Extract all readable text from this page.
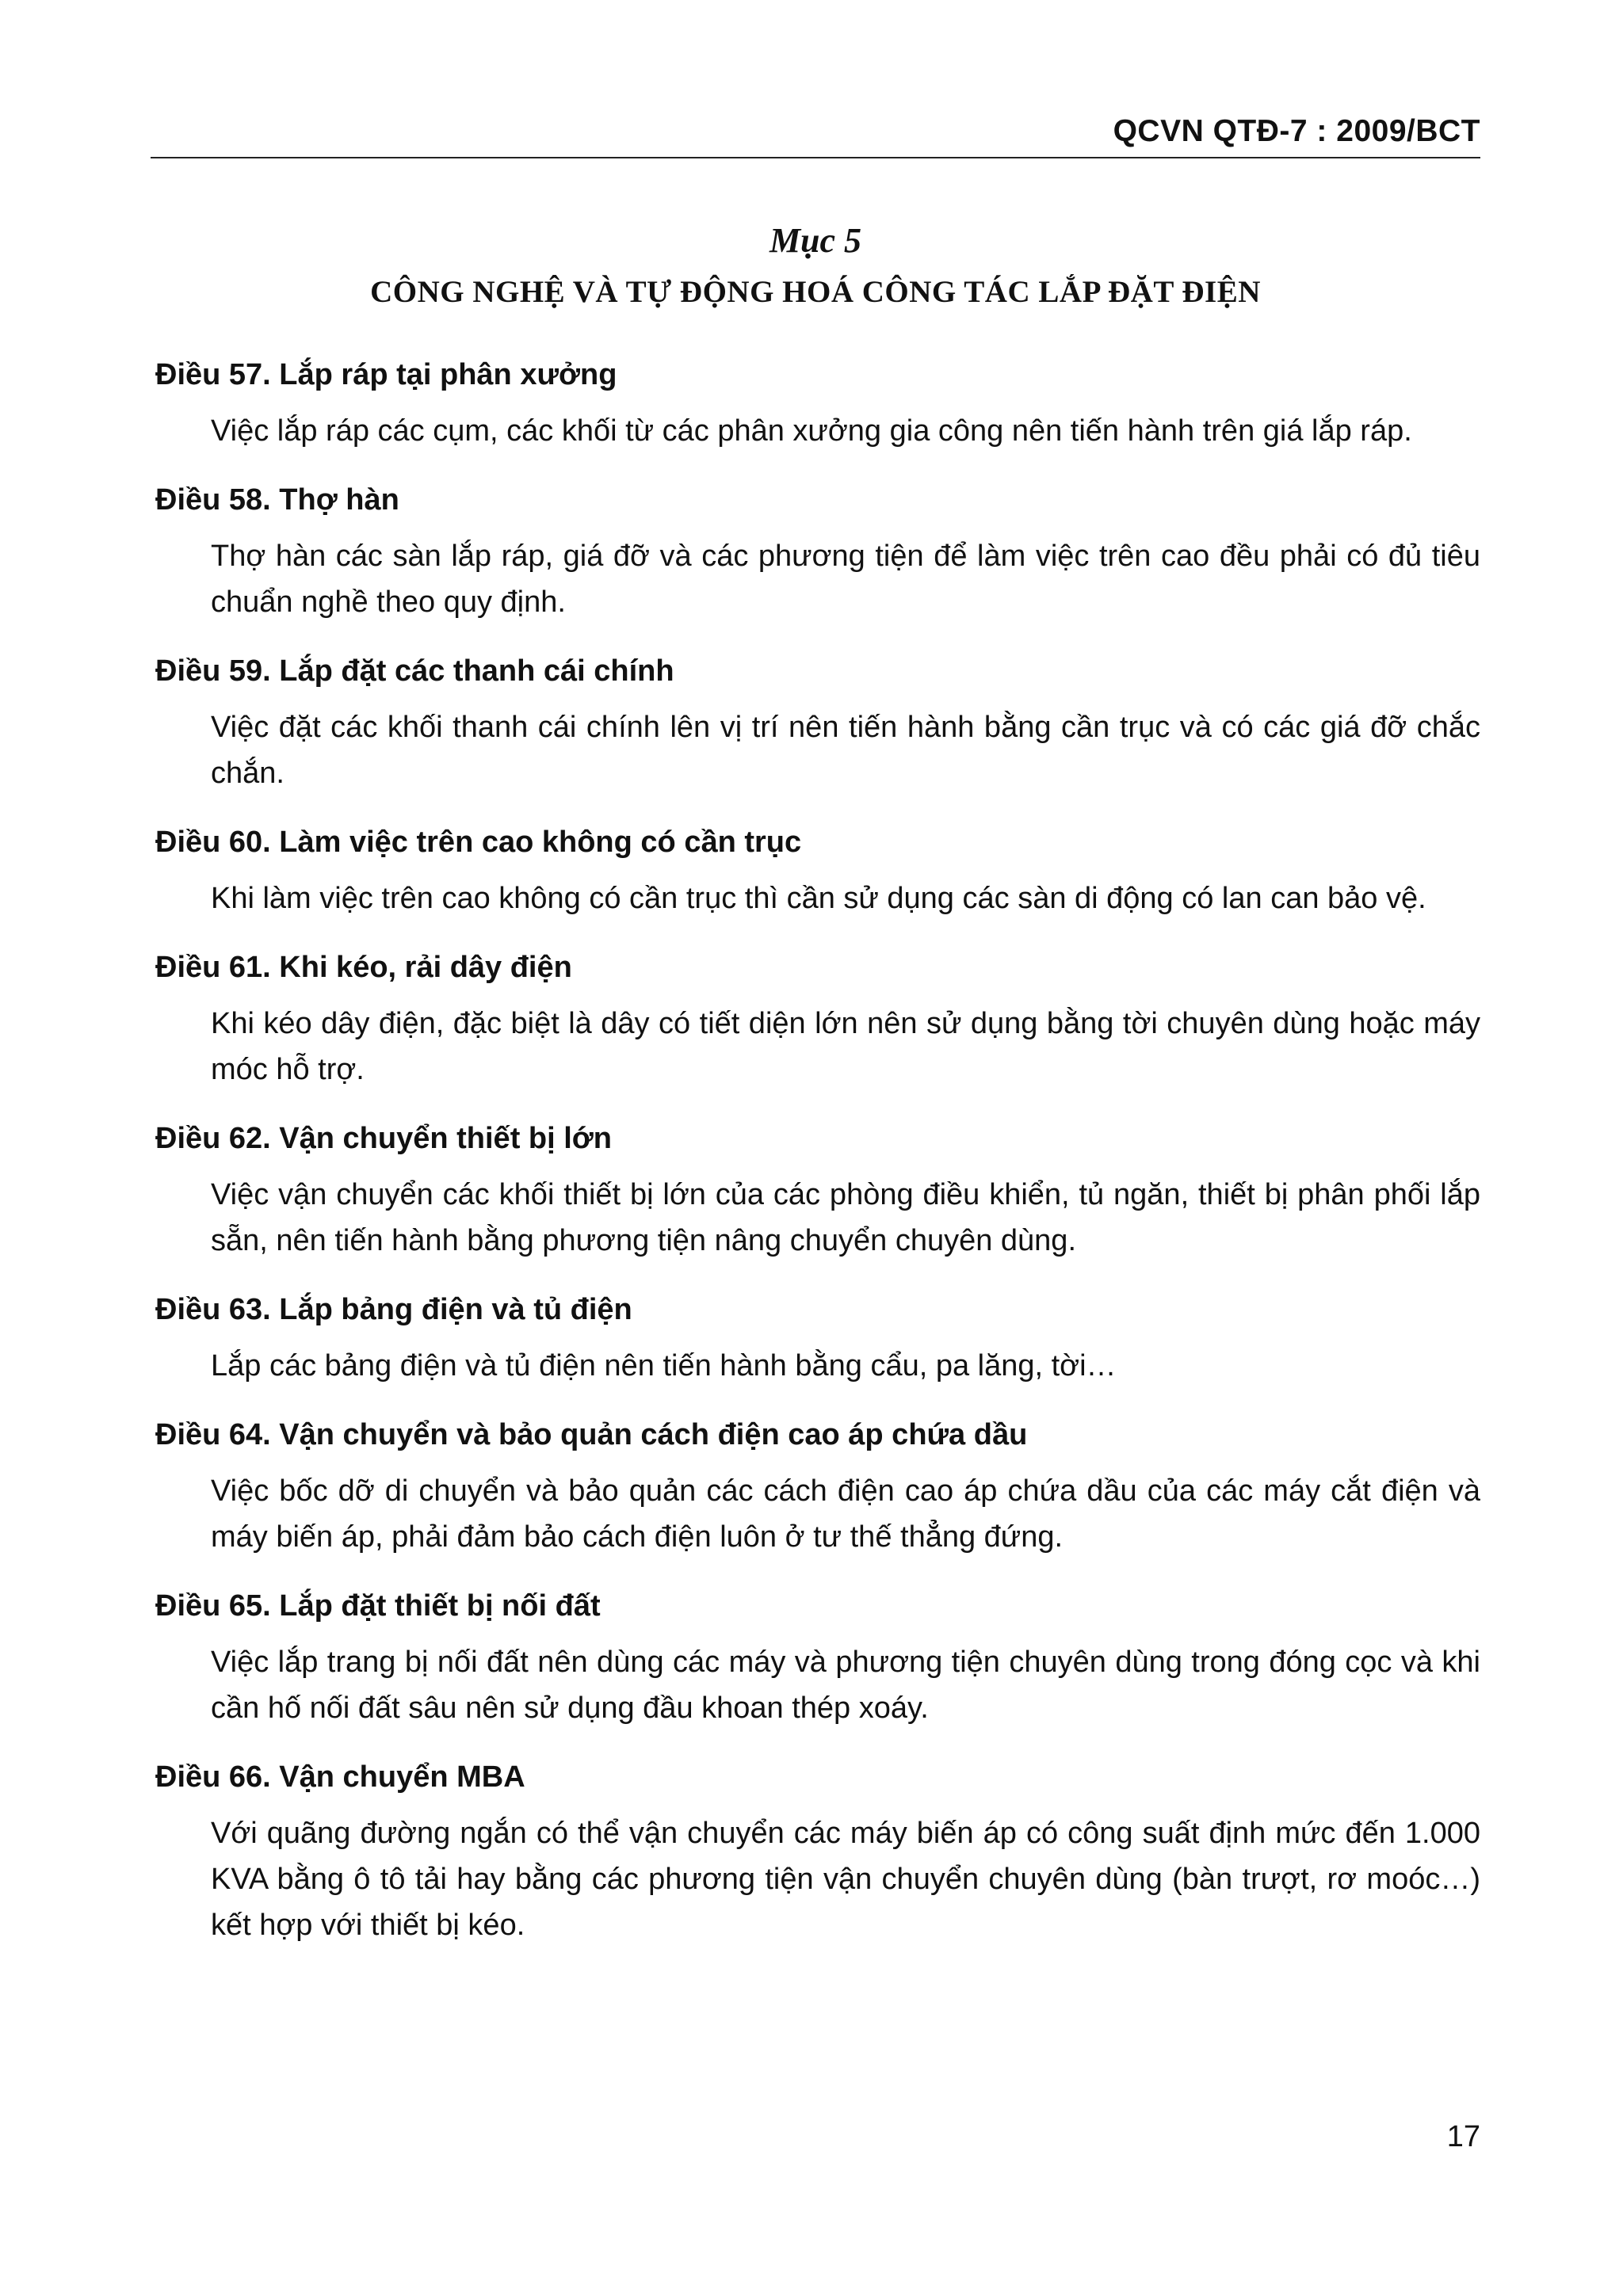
QCVN QTĐ-7 : 2009/BCT
Mục 5
CÔNG NGHỆ VÀ TỰ ĐỘNG HOÁ CÔNG TÁC LẮP ĐẶT ĐIỆN
Điều 57. Lắp ráp tại phân xưởng

Việc lắp ráp các cụm, các khối từ các phân xưởng gia công nên tiến hành trên giá lắp ráp.

Điều 58. Thợ hàn

Thợ hàn các sàn lắp ráp, giá đỡ và các phương tiện để làm việc trên cao đều phải có đủ tiêu chuẩn nghề theo quy định.

Điều 59. Lắp đặt các thanh cái chính

Việc đặt các khối thanh cái chính lên vị trí nên tiến hành bằng cần trục và có các giá đỡ chắc chắn.

Điều 60. Làm việc trên cao không có cần trục

Khi làm việc trên cao không có cần trục thì cần sử dụng các sàn di động có lan can bảo vệ.

Điều 61. Khi kéo, rải dây điện

Khi kéo dây điện, đặc biệt là dây có tiết diện lớn nên sử dụng bằng tời chuyên dùng hoặc máy móc hỗ trợ.

Điều 62. Vận chuyển thiết bị lớn

Việc vận chuyển các khối thiết bị lớn của các phòng điều khiển, tủ ngăn, thiết bị phân phối lắp sẵn, nên tiến hành bằng phương tiện nâng chuyển chuyên dùng.

Điều 63. Lắp bảng điện và tủ điện

Lắp các bảng điện và tủ điện nên tiến hành bằng cẩu, pa lăng, tời…

Điều 64. Vận chuyển và bảo quản cách điện cao áp chứa dầu

Việc bốc dỡ di chuyển và bảo quản các cách điện cao áp chứa dầu của các máy cắt điện và máy biến áp, phải đảm bảo cách điện luôn ở tư thế thẳng đứng.

Điều 65. Lắp đặt thiết bị nối đất

Việc lắp trang bị nối đất nên dùng các máy và phương tiện chuyên dùng trong đóng cọc và khi cần hố nối đất sâu nên sử dụng đầu khoan thép xoáy.

Điều 66. Vận chuyển MBA

Với quãng đường ngắn có thể vận chuyển các máy biến áp có công suất định mức đến 1.000 KVA bằng ô tô tải hay bằng các phương tiện vận chuyển chuyên dùng (bàn trượt, rơ moóc…) kết hợp với thiết bị kéo.

17
